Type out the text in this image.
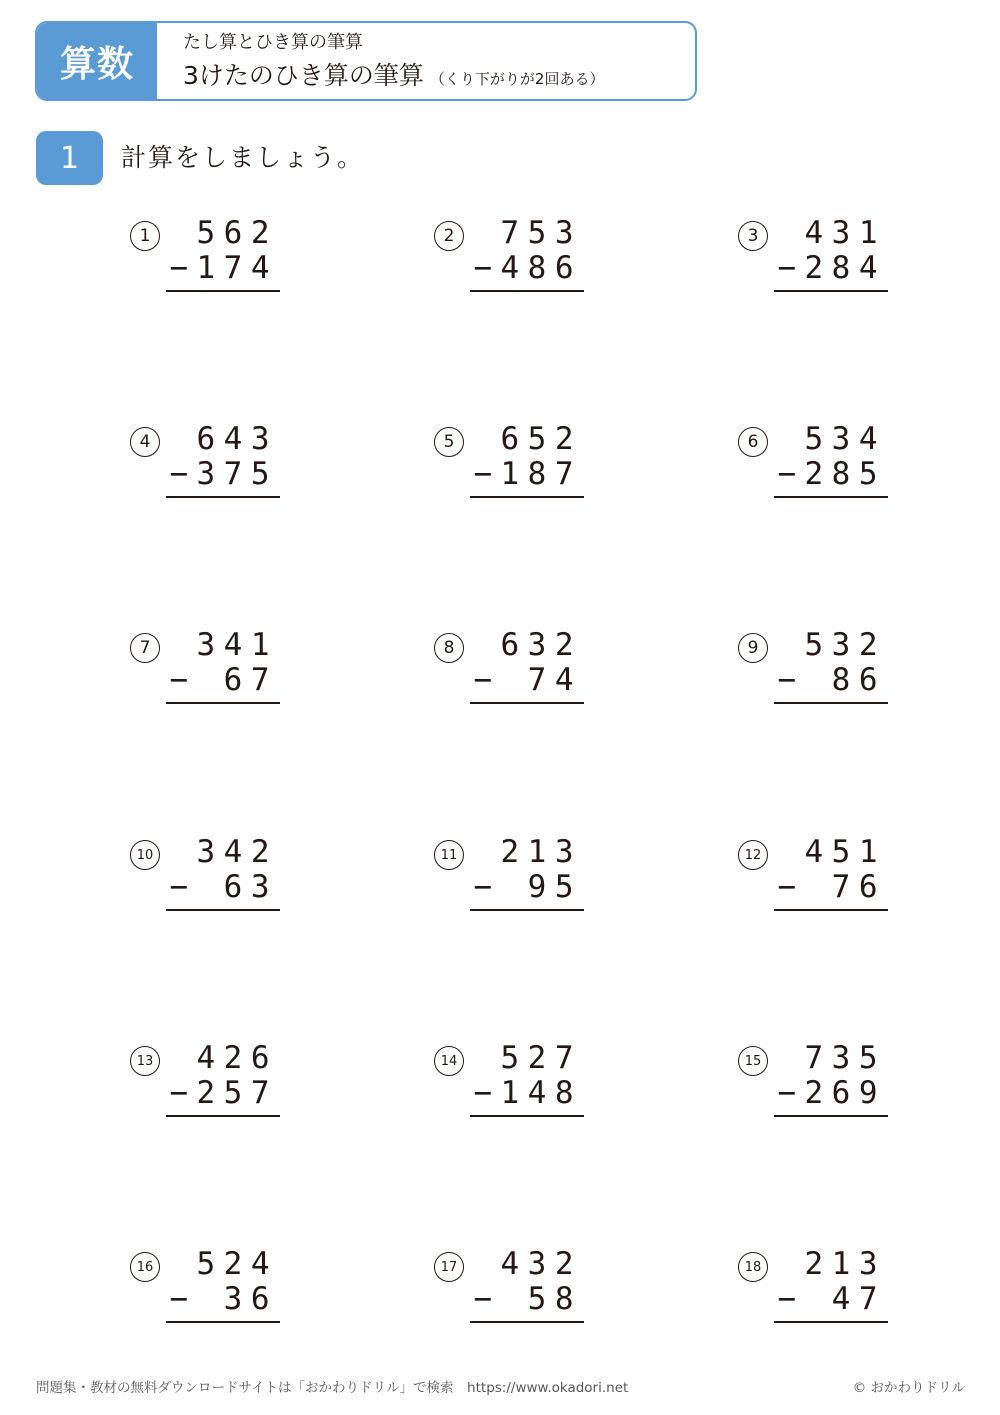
算数
たし算とひき算の筆算
3けたのひき算の筆算 （くり下がりが2回ある）
1	計算をしましょう。
1	562
−174
2	753
−486
3	431
−284
4	643
−375
5	652
−187
6	534
−285
7	341
− 67
8	632
− 74
9	532
− 86
10	342
− 63
11	213
− 95
12	451
− 76
13	426
−257
14	527
−148
15	735
−269
16	524
− 36
17	432
− 58
18	213
− 47
問題集・教材の無料ダウンロードサイトは「おかわりドリル」で検索　https://www.okadori.net	© おかわりドリル
